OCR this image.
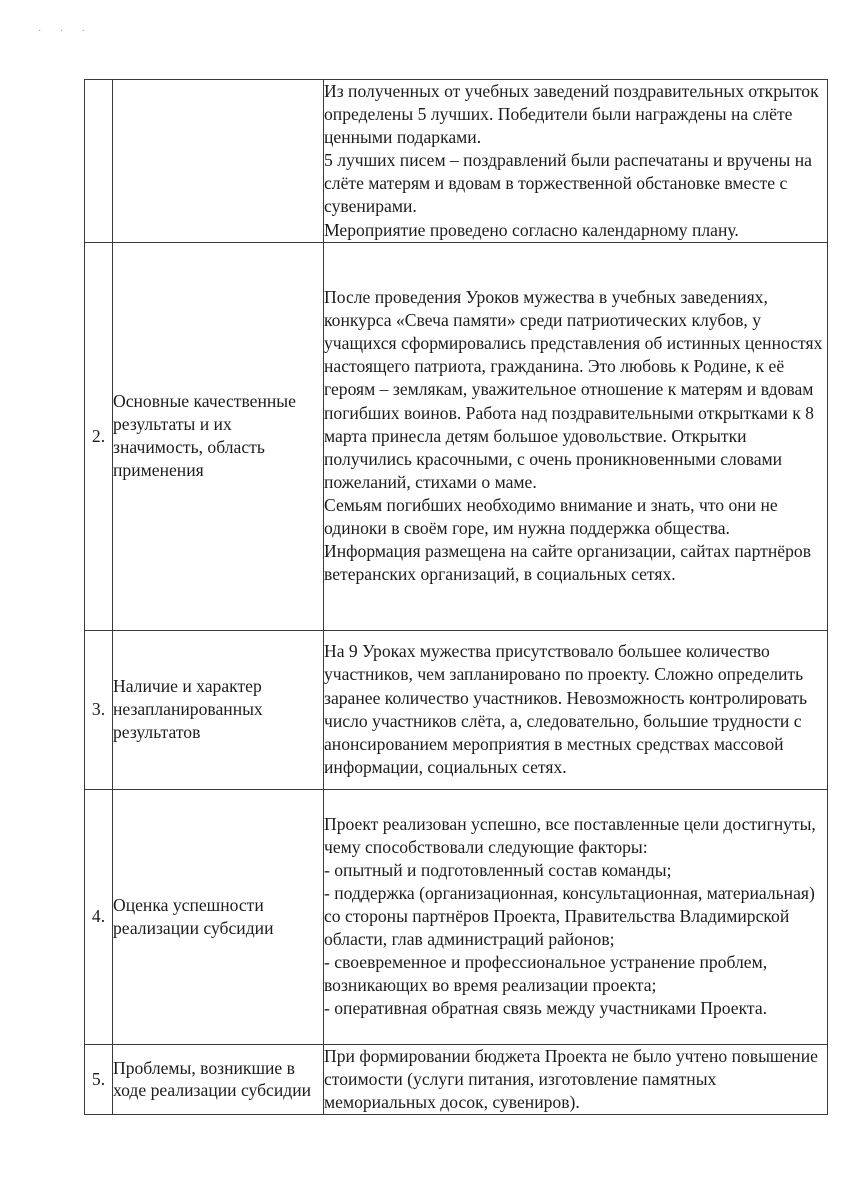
· · ·

		Из полученных от учебных заведений поздравительных открыток определены 5 лучших. Победители были награждены на слёте ценными подарками.
5 лучших писем – поздравлений были распечатаны и вручены на слёте матерям и вдовам в торжественной обстановке вместе с сувенирами.
Мероприятие проведено согласно календарному плану.

2.	Основные качественные результаты и их значимость, область применения	После проведения Уроков мужества в учебных заведениях, конкурса «Свеча памяти» среди патриотических клубов, у учащихся сформировались представления об истинных ценностях настоящего патриота, гражданина. Это любовь к Родине, к её героям – землякам, уважительное отношение к матерям и вдовам погибших воинов. Работа над поздравительными открытками к 8 марта принесла детям большое удовольствие. Открытки получились красочными, с очень проникновенными словами пожеланий, стихами о маме.
Семьям погибших необходимо внимание и знать, что они не одиноки в своём горе, им нужна поддержка общества.
Информация размещена на сайте организации, сайтах партнёров ветеранских организаций, в социальных сетях.

3.	Наличие и характер незапланированных результатов	На 9 Уроках мужества присутствовало большее количество участников, чем запланировано по проекту. Сложно определить заранее количество участников. Невозможность контролировать число участников слёта, а, следовательно, большие трудности с анонсированием мероприятия в местных средствах массовой информации, социальных сетях.

4.	Оценка успешности реализации субсидии	Проект реализован успешно, все поставленные цели достигнуты, чему способствовали следующие факторы:
- опытный и подготовленный состав команды;
- поддержка (организационная, консультационная, материальная) со стороны партнёров Проекта, Правительства Владимирской области, глав администраций районов;
- своевременное и профессиональное устранение проблем, возникающих во время реализации проекта;
- оперативная обратная связь между участниками Проекта.

5.	Проблемы, возникшие в ходе реализации субсидии	При формировании бюджета Проекта не было учтено повышение стоимости (услуги питания, изготовление памятных мемориальных досок, сувениров).
